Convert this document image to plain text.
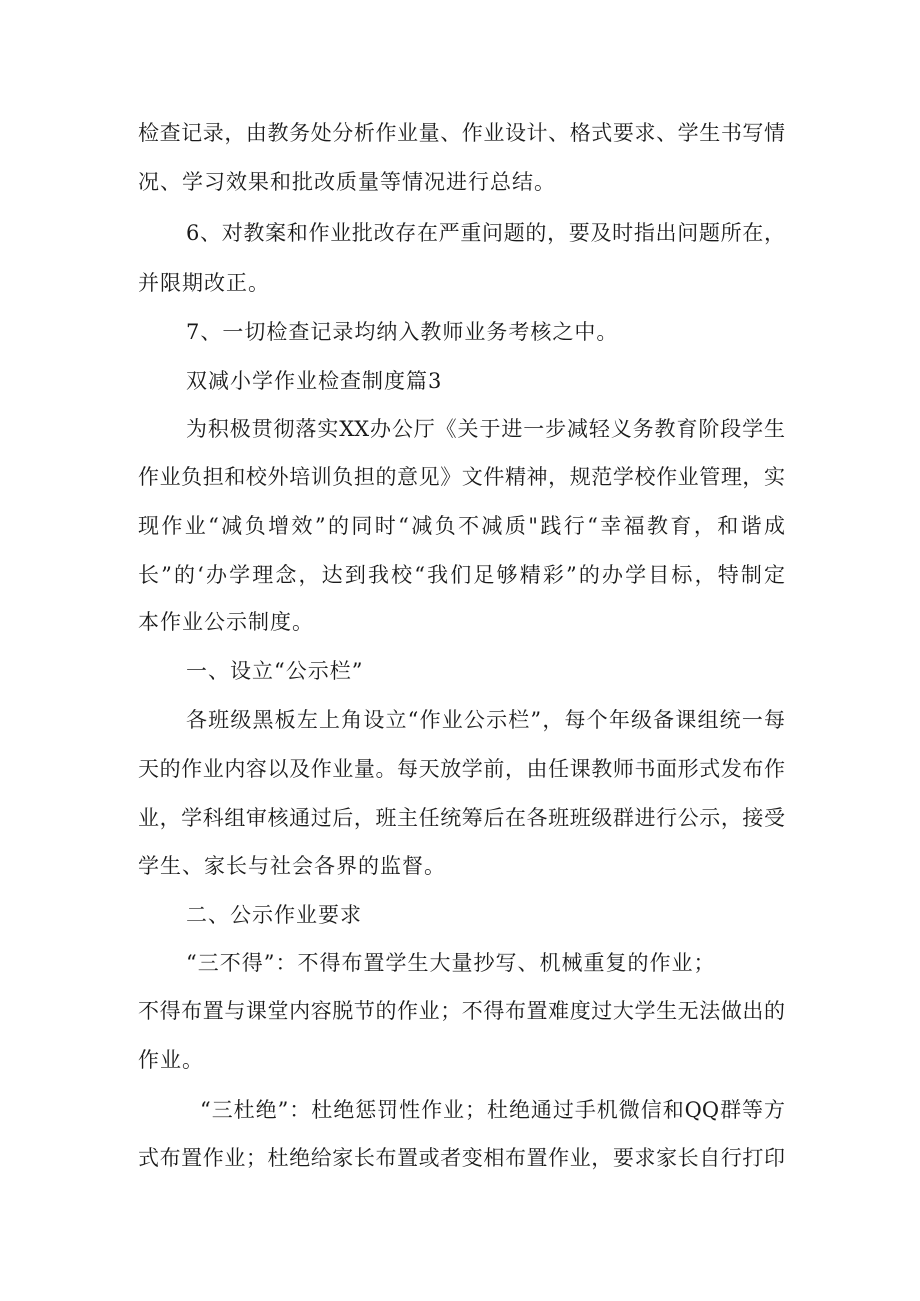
检查记录，由教务处分析作业量、作业设计、格式要求、学生书写情
况、学习效果和批改质量等情况进行总结。
6、对教案和作业批改存在严重问题的，要及时指出问题所在，
并限期改正。
7、一切检查记录均纳入教师业务考核之中。
双减小学作业检查制度篇3
为积极贯彻落实XX办公厅《关于进一步减轻义务教育阶段学生
作业负担和校外培训负担的意见》文件精神，规范学校作业管理，实
现作业“减负增效”的同时“减负不减质"践行“幸福教育，和谐成
长”的‘办学理念，达到我校“我们足够精彩”的办学目标，特制定
本作业公示制度。
一、设立“公示栏”
各班级黑板左上角设立“作业公示栏”，每个年级备课组统一每
天的作业内容以及作业量。每天放学前，由任课教师书面形式发布作
业，学科组审核通过后，班主任统筹后在各班班级群进行公示，接受
学生、家长与社会各界的监督。
二、公示作业要求
“三不得”：不得布置学生大量抄写、机械重复的作业；
不得布置与课堂内容脱节的作业；不得布置难度过大学生无法做出的
作业。
“三杜绝”：杜绝惩罚性作业；杜绝通过手机微信和QQ群等方
式布置作业；杜绝给家长布置或者变相布置作业，要求家长自行打印
